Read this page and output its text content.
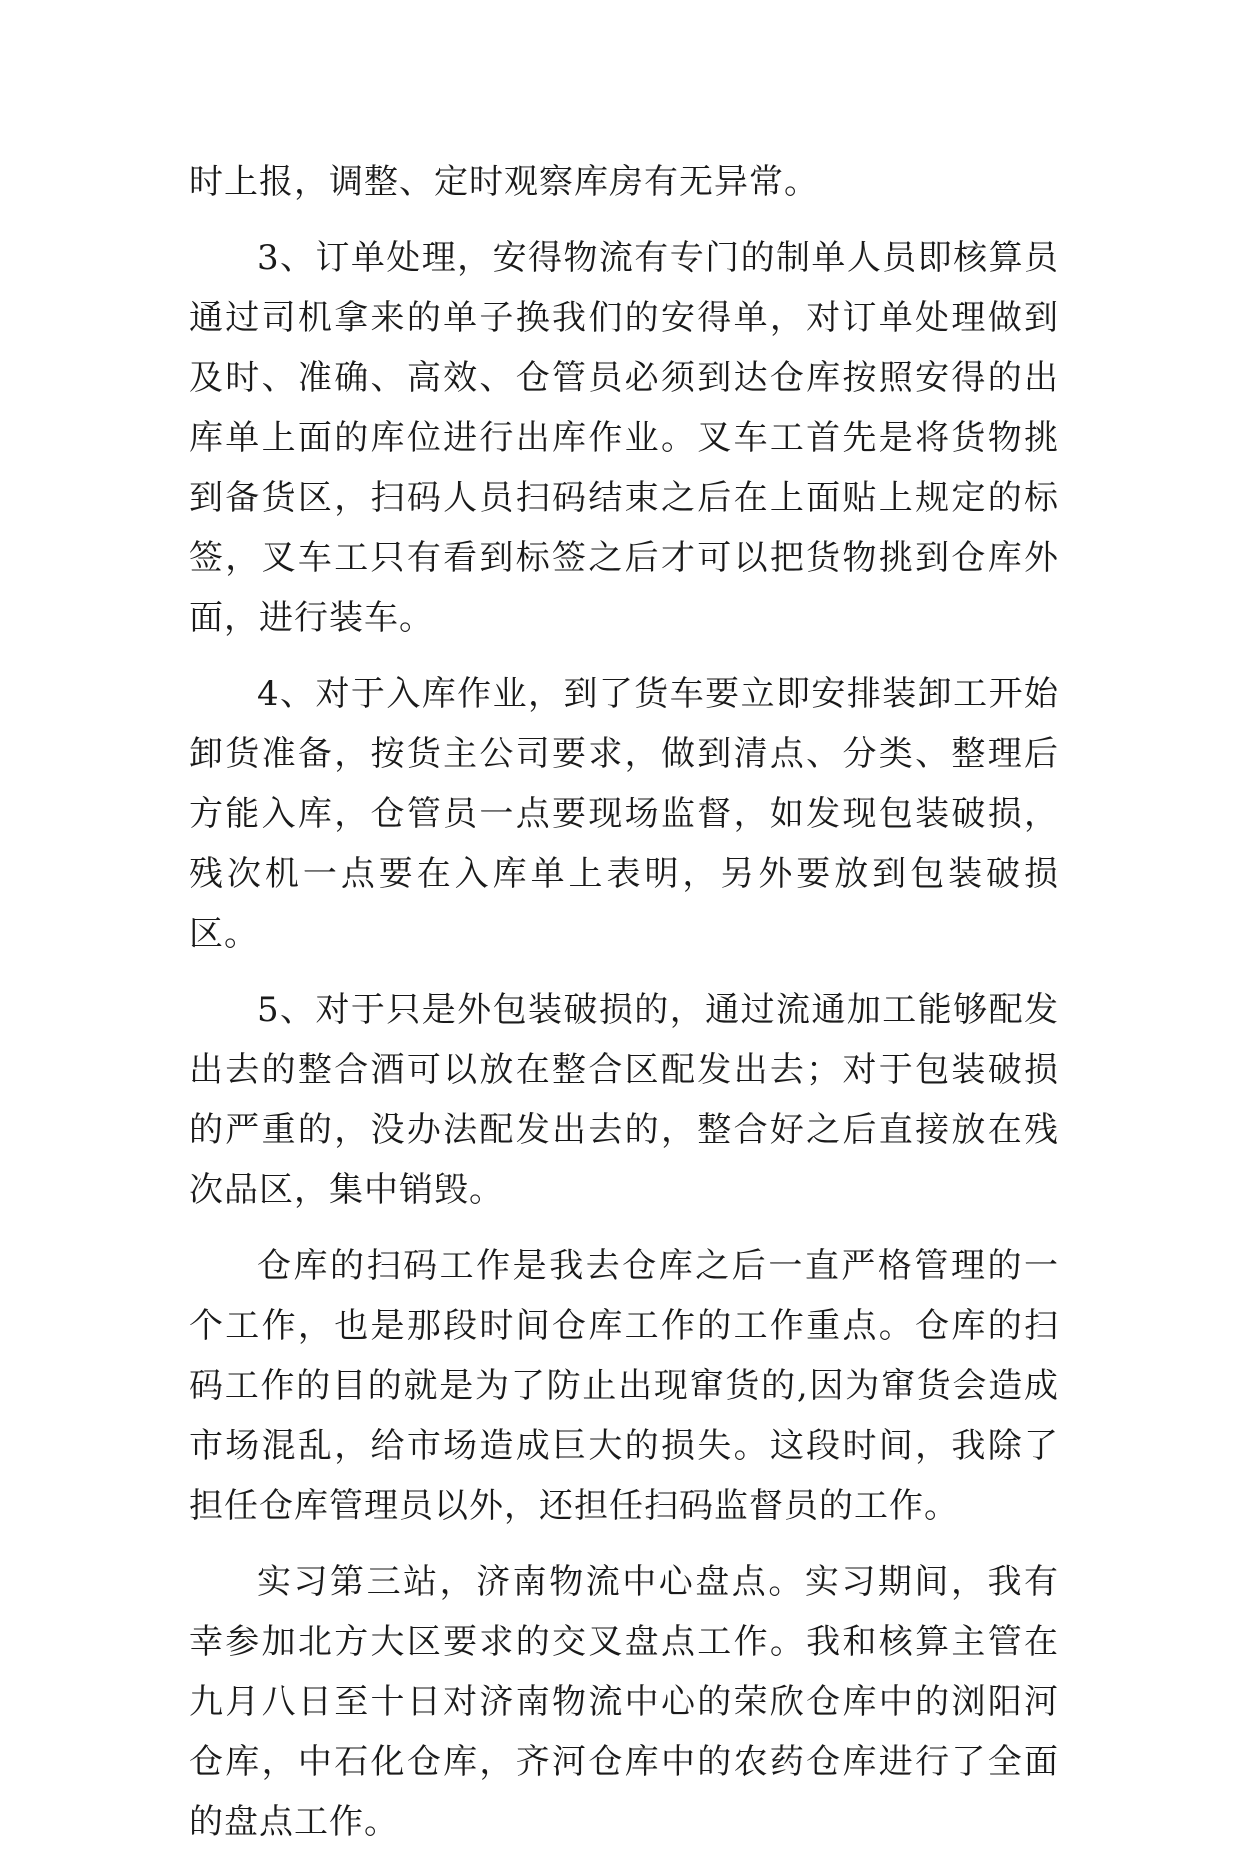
时上报，调整、定时观察库房有无异常。

3、订单处理，安得物流有专门的制单人员即核算员通过司机拿来的单子换我们的安得单，对订单处理做到及时、准确、高效、仓管员必须到达仓库按照安得的出库单上面的库位进行出库作业。叉车工首先是将货物挑到备货区，扫码人员扫码结束之后在上面贴上规定的标签，叉车工只有看到标签之后才可以把货物挑到仓库外面，进行装车。

4、对于入库作业，到了货车要立即安排装卸工开始卸货准备，按货主公司要求，做到清点、分类、整理后方能入库，仓管员一点要现场监督，如发现包装破损，残次机一点要在入库单上表明，另外要放到包装破损区。

5、对于只是外包装破损的，通过流通加工能够配发出去的整合酒可以放在整合区配发出去；对于包装破损的严重的，没办法配发出去的，整合好之后直接放在残次品区，集中销毁。

仓库的扫码工作是我去仓库之后一直严格管理的一个工作，也是那段时间仓库工作的工作重点。仓库的扫码工作的目的就是为了防止出现窜货的,因为窜货会造成市场混乱，给市场造成巨大的损失。这段时间，我除了担任仓库管理员以外，还担任扫码监督员的工作。

实习第三站，济南物流中心盘点。实习期间，我有幸参加北方大区要求的交叉盘点工作。我和核算主管在九月八日至十日对济南物流中心的荣欣仓库中的浏阳河仓库，中石化仓库，齐河仓库中的农药仓库进行了全面的盘点工作。
